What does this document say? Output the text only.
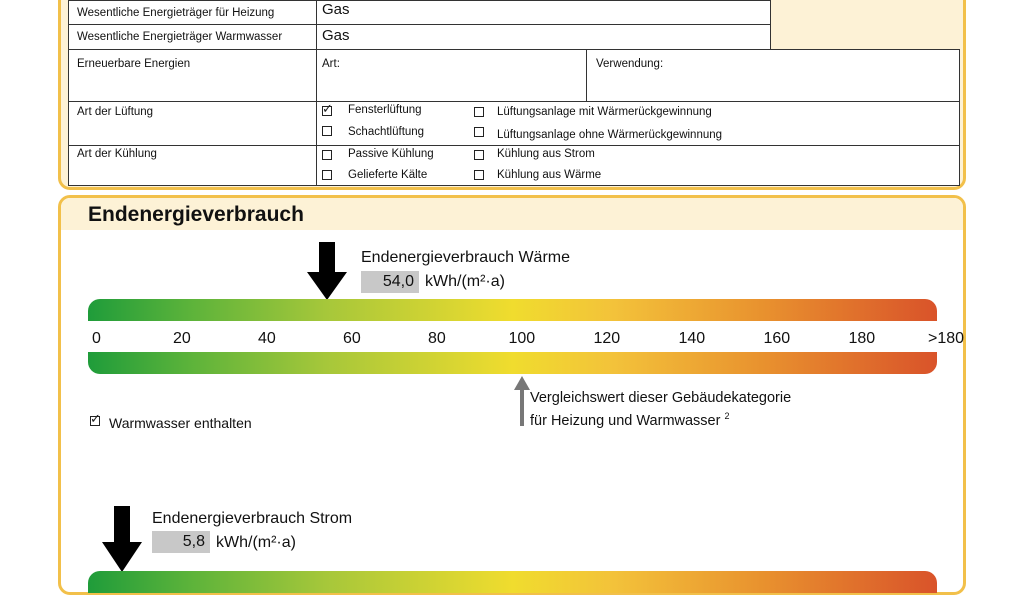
Wesentliche Energieträger für Heizung	Gas
Wesentliche Energieträger Warmwasser	Gas
Erneuerbare Energien	Art:	Verwendung:
Art der Lüftung
✓	Fensterlüftung
Schachtlüftung
Lüftungsanlage mit Wärmerückgewinnung
Lüftungsanlage ohne Wärmerückgewinnung
Art der Kühlung	Passive Kühlung
Gelieferte Kälte
Kühlung aus Strom
Kühlung aus Wärme
Endenergieverbrauch
Endenergieverbrauch Wärme
54,0 kWh/(m²·a)
0	20	40	60	80	100	120	140	160	180	>180
Vergleichswert dieser Gebäudekategorie
für Heizung und Warmwasser $^2$
✓
Warmwasser enthalten
Endenergieverbrauch Strom
5,8 kWh/(m²·a)
